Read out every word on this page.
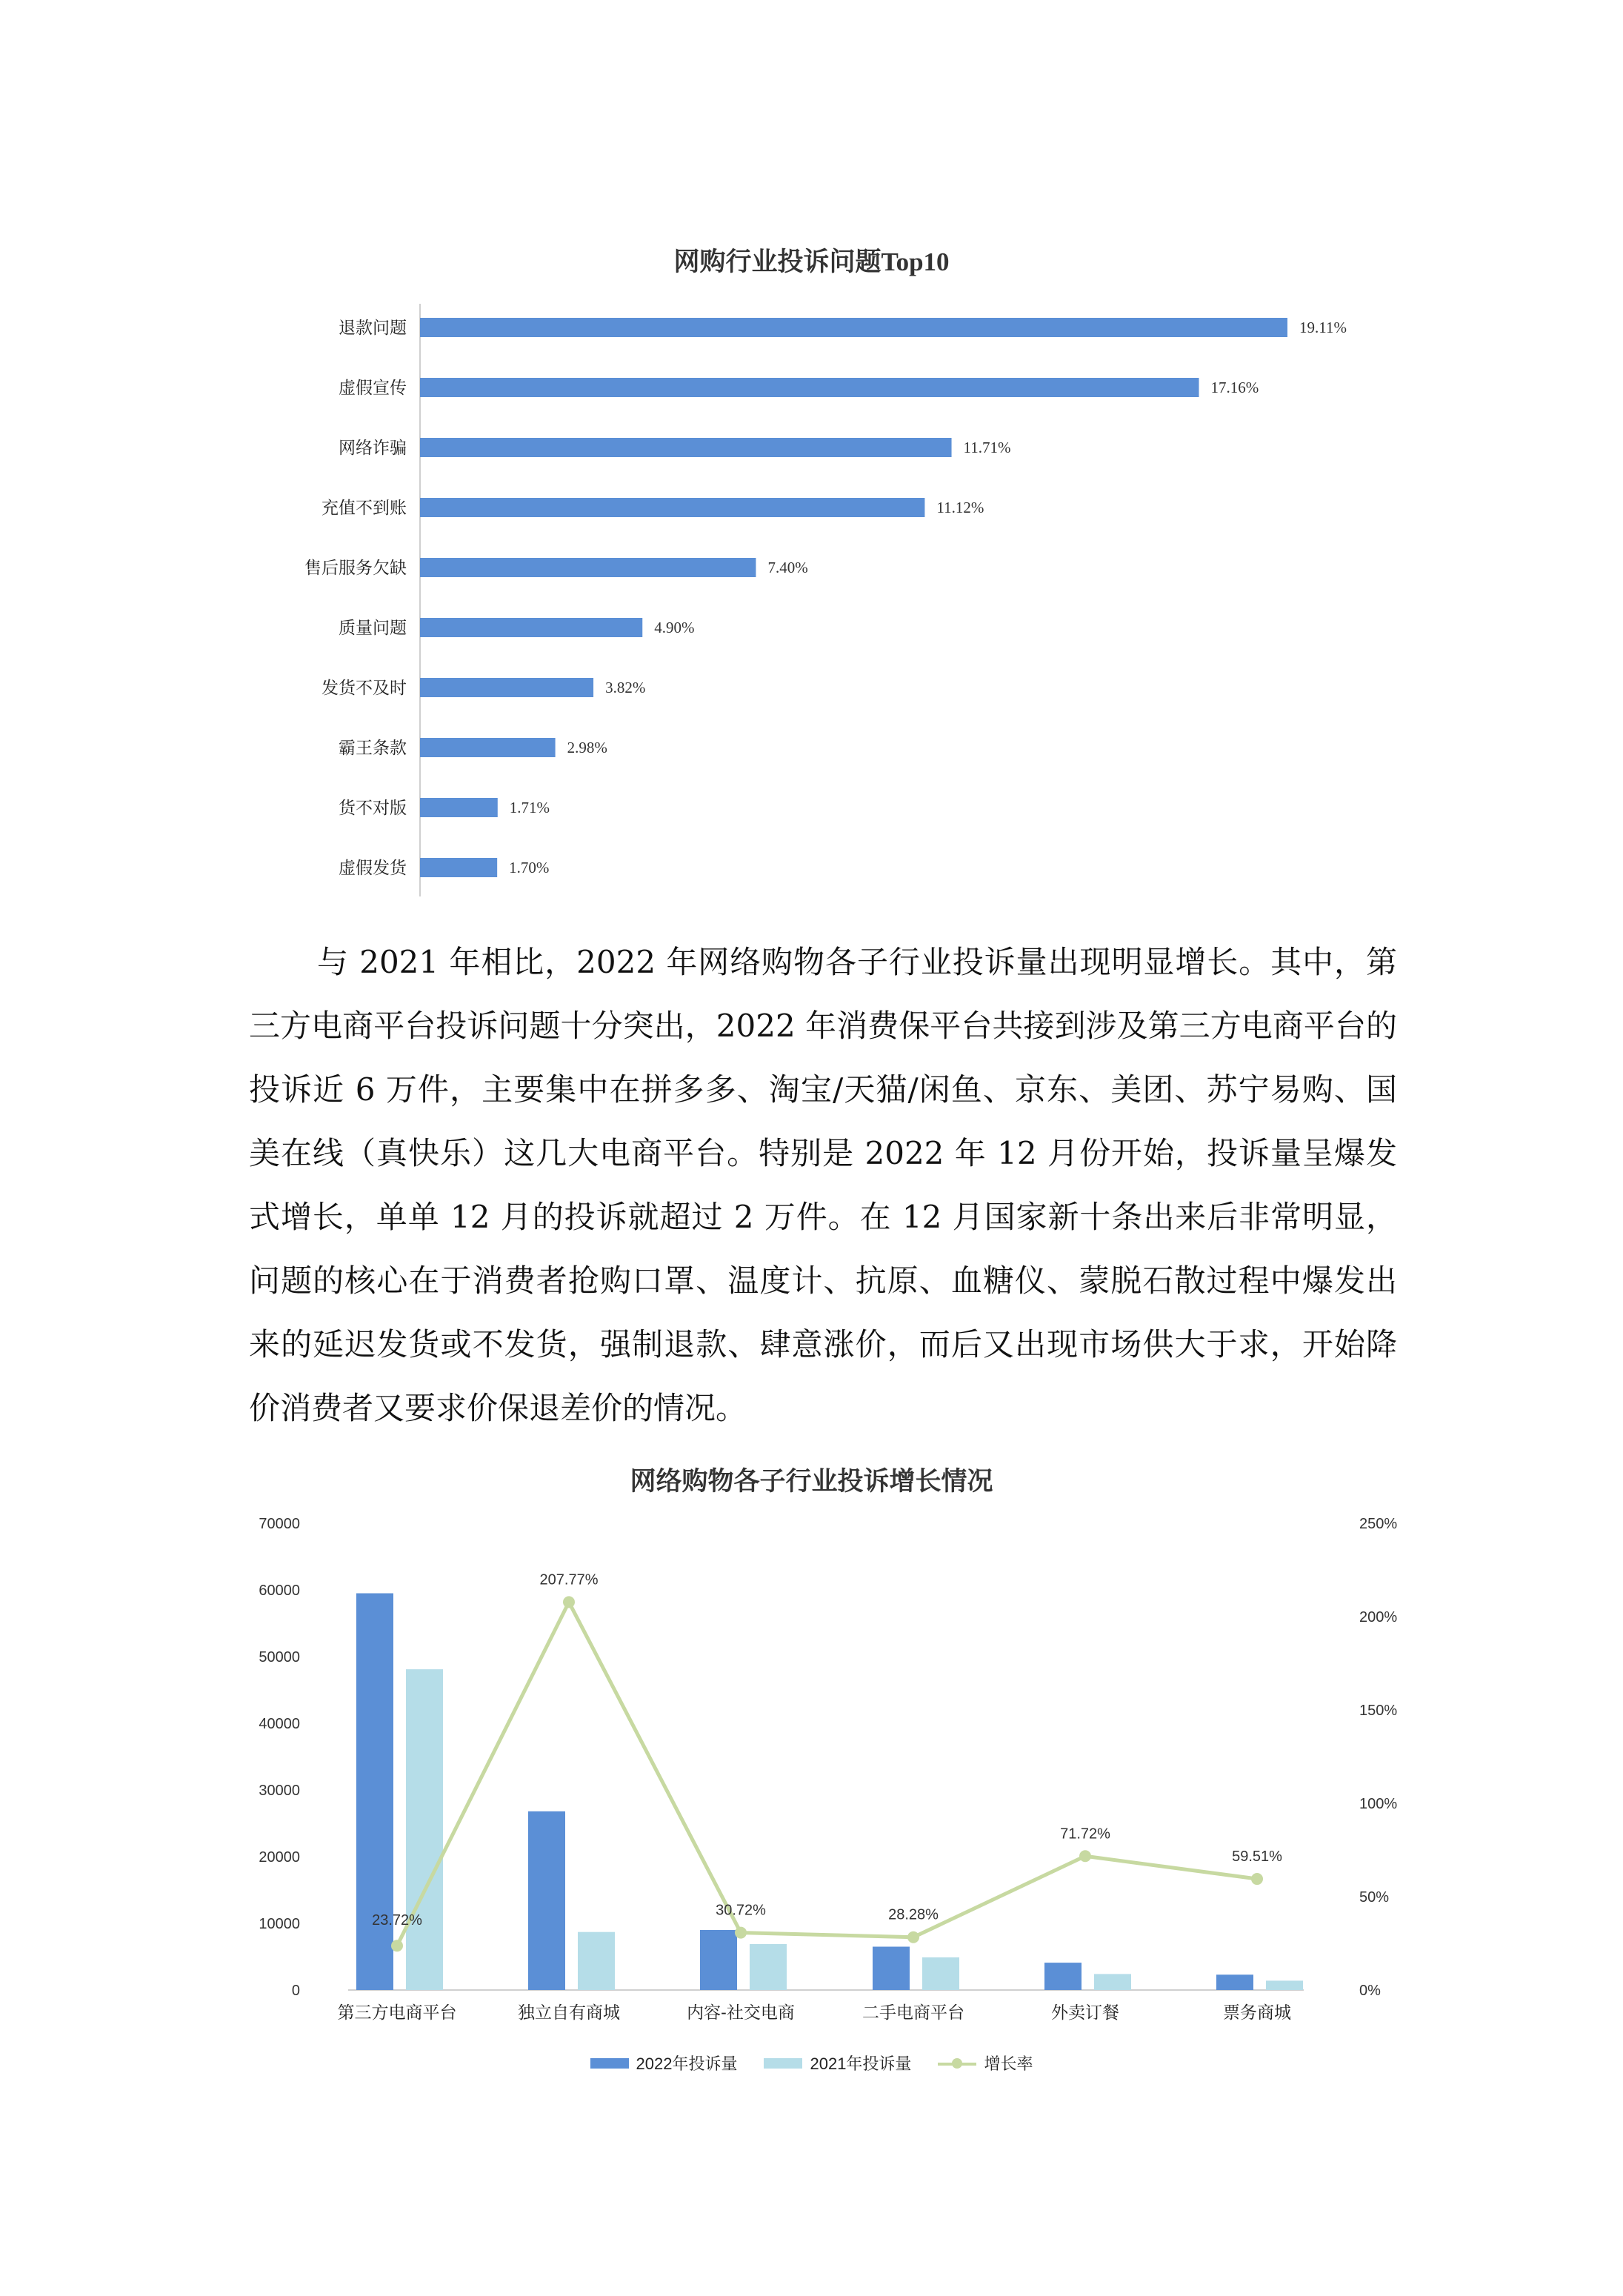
网购行业投诉问题Top10
退款问题	19.11%
虚假宣传	17.16%
网络诈骗	11.71%
充值不到账	11.12%
售后服务欠缺	7.40%
质量问题	4.90%
发货不及时	3.82%
霸王条款	2.98%
货不对版	1.71%
虚假发货	1.70%

与 2021 年相比，2022 年网络购物各子行业投诉量出现明显增长。其中，第三方电商平台投诉问题十分突出，2022 年消费保平台共接到涉及第三方电商平台的投诉近 6 万件，主要集中在拼多多、淘宝/天猫/闲鱼、京东、美团、苏宁易购、国美在线（真快乐）这几大电商平台。特别是 2022 年 12 月份开始，投诉量呈爆发式增长，单单 12 月的投诉就超过 2 万件。在 12 月国家新十条出来后非常明显，问题的核心在于消费者抢购口罩、温度计、抗原、血糖仪、蒙脱石散过程中爆发出来的延迟发货或不发货，强制退款、肆意涨价，而后又出现市场供大于求，开始降价消费者又要求价保退差价的情况。

网络购物各子行业投诉增长情况
0
10000
20000
30000
40000
50000
60000
70000
0%
50%
100%
150%
200%
250%
第三方电商平台	独立自有商城	内容-社交电商	二手电商平台	外卖订餐	票务商城
23.72%
207.77%
30.72%	28.28%
71.72%
59.51%
2022年投诉量	2021年投诉量	增长率
